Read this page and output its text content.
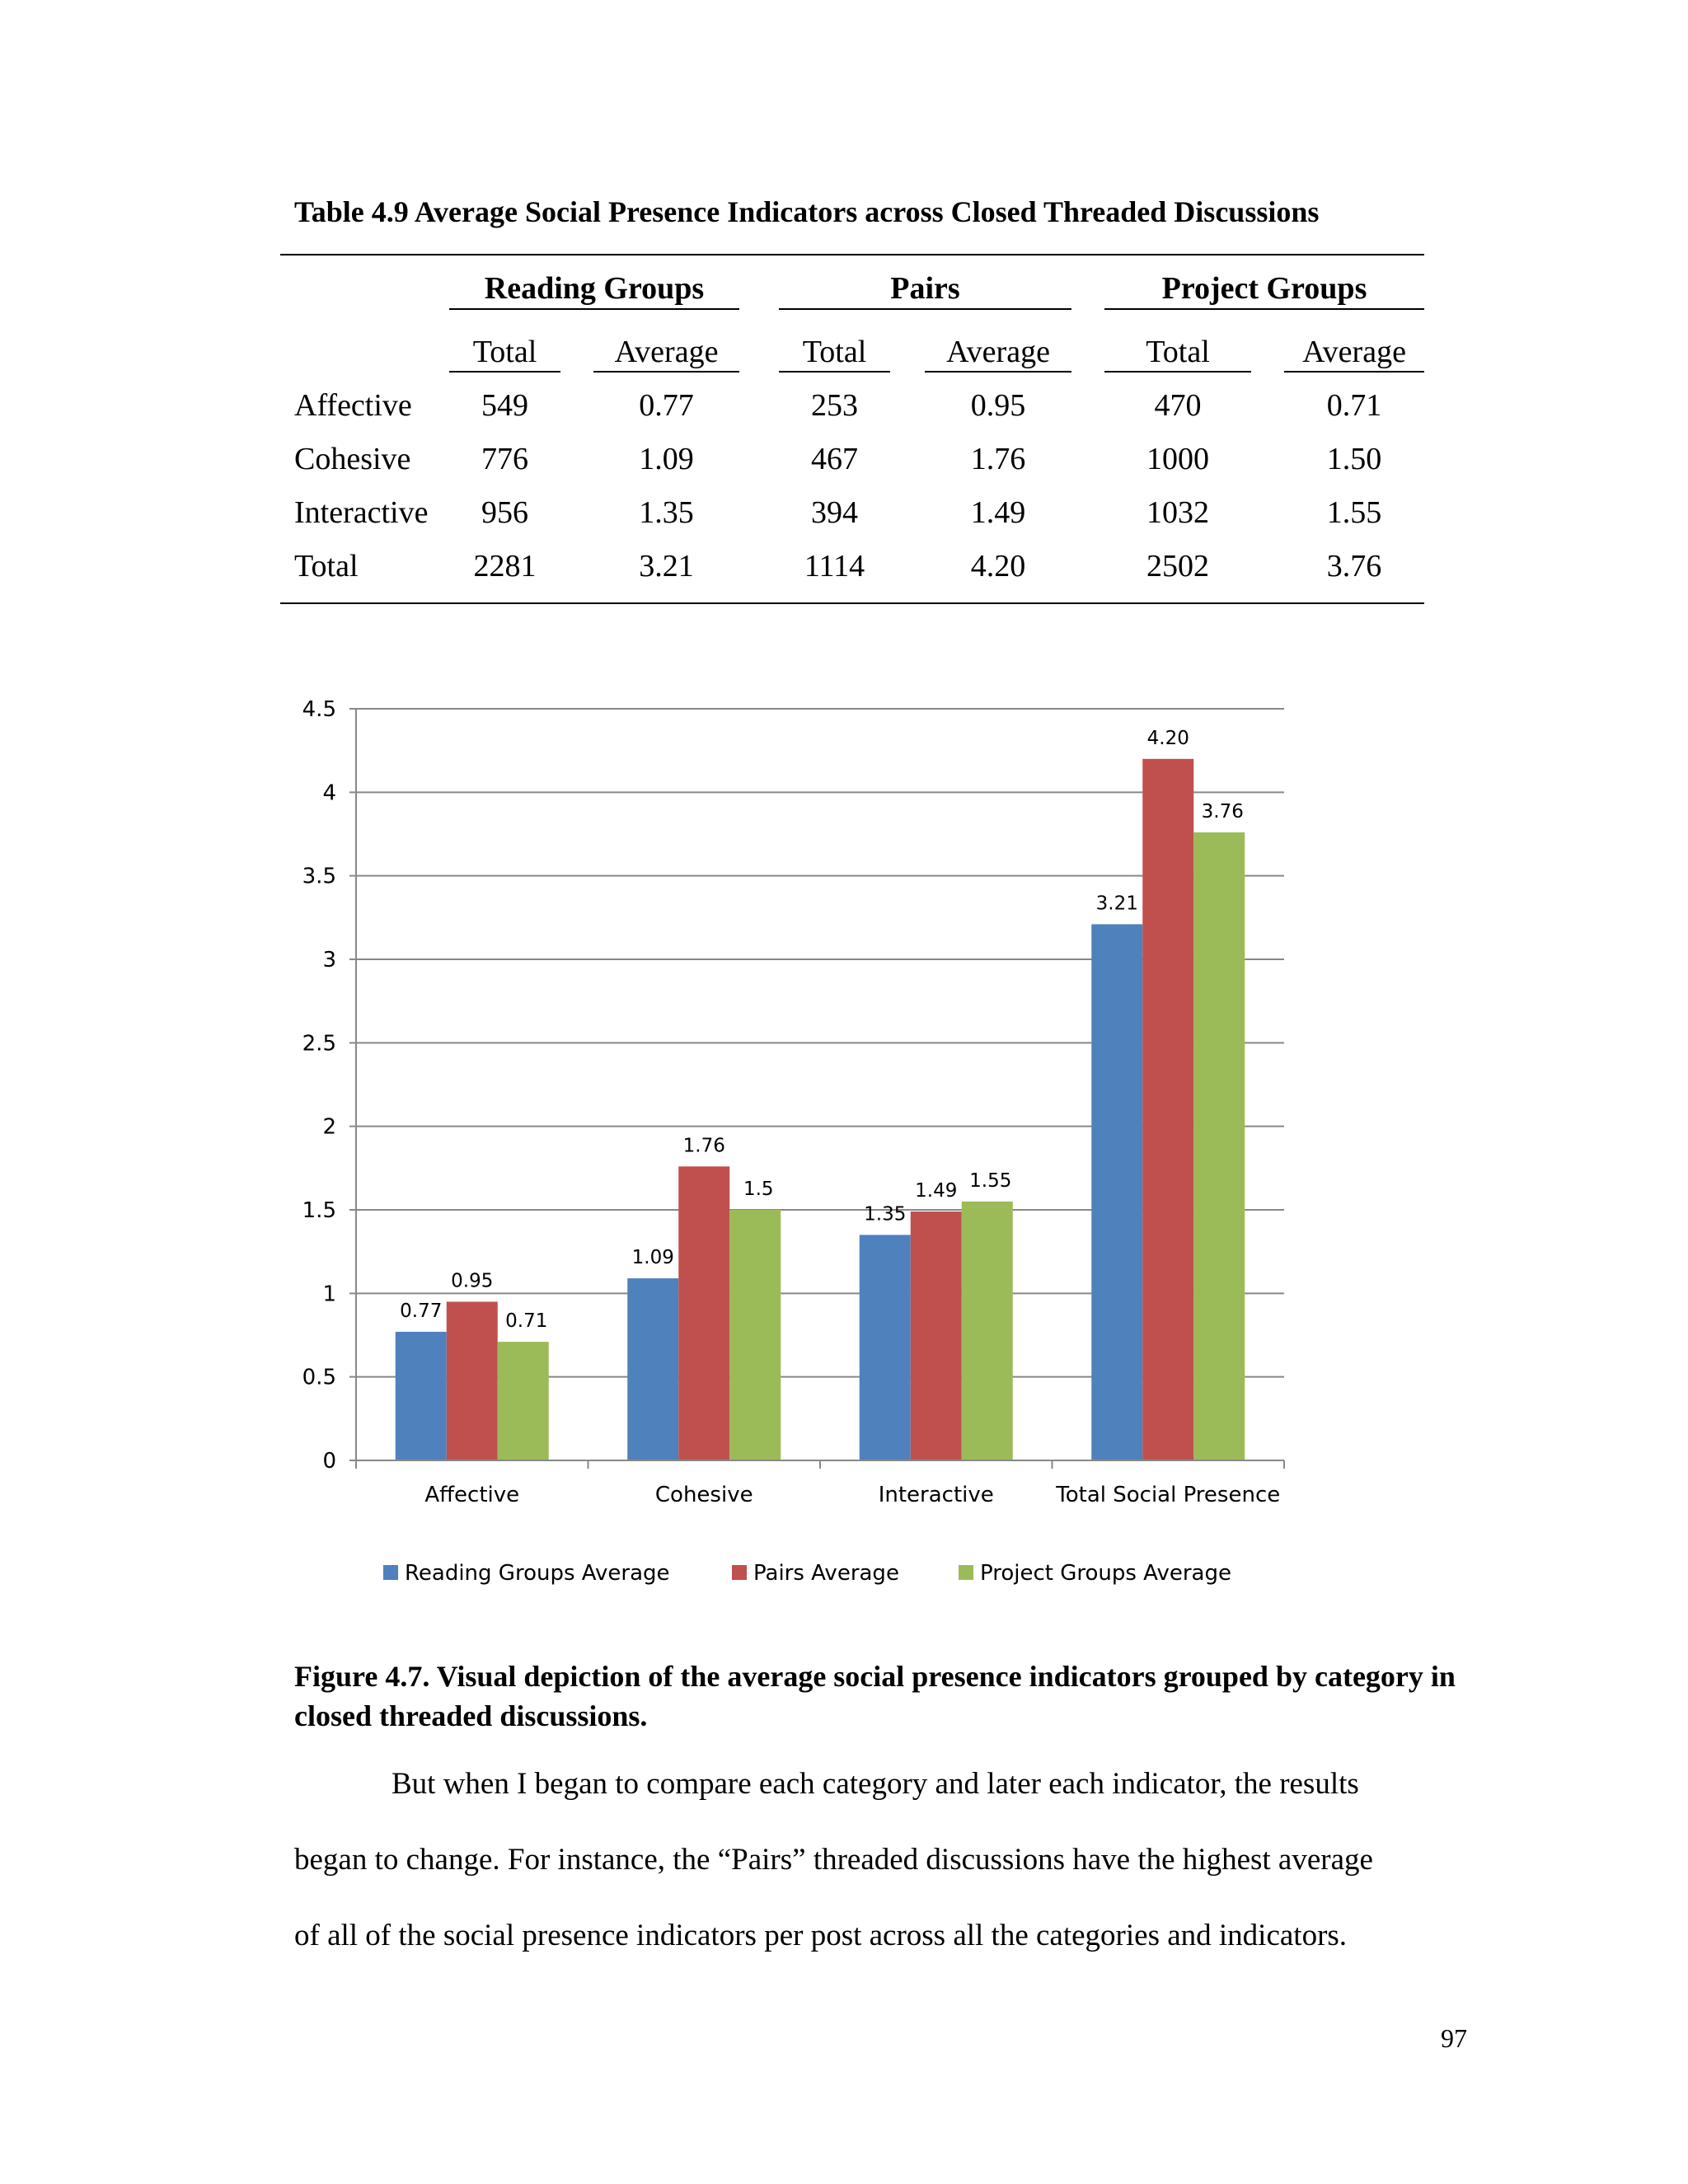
Table 4.9 Average Social Presence Indicators across Closed Threaded Discussions
Reading Groups	Pairs	Project Groups
Total	Average	Total	Average	Total	Average
Affective	549	0.77	253	0.95	470	0.71
Cohesive	776	1.09	467	1.76	1000	1.50
Interactive	956	1.35	394	1.49	1032	1.55
Total	2281	3.21	1114	4.20	2502	3.76
0
0.5
1
1.5
2
2.5
3
3.5
4
4.5
0.77
1.09
1.35
3.21
0.95
1.76
1.49
4.20
0.71
1.5	1.55
3.76
Affective	Cohesive	Interactive	Total Social Presence
Reading Groups Average	Pairs Average	Project Groups Average
Figure 4.7. Visual depiction of the average social presence indicators grouped by category in closed threaded discussions.
But when I began to compare each category and later each indicator, the results
began to change. For instance, the “Pairs” threaded discussions have the highest average
of all of the social presence indicators per post across all the categories and indicators.
97
